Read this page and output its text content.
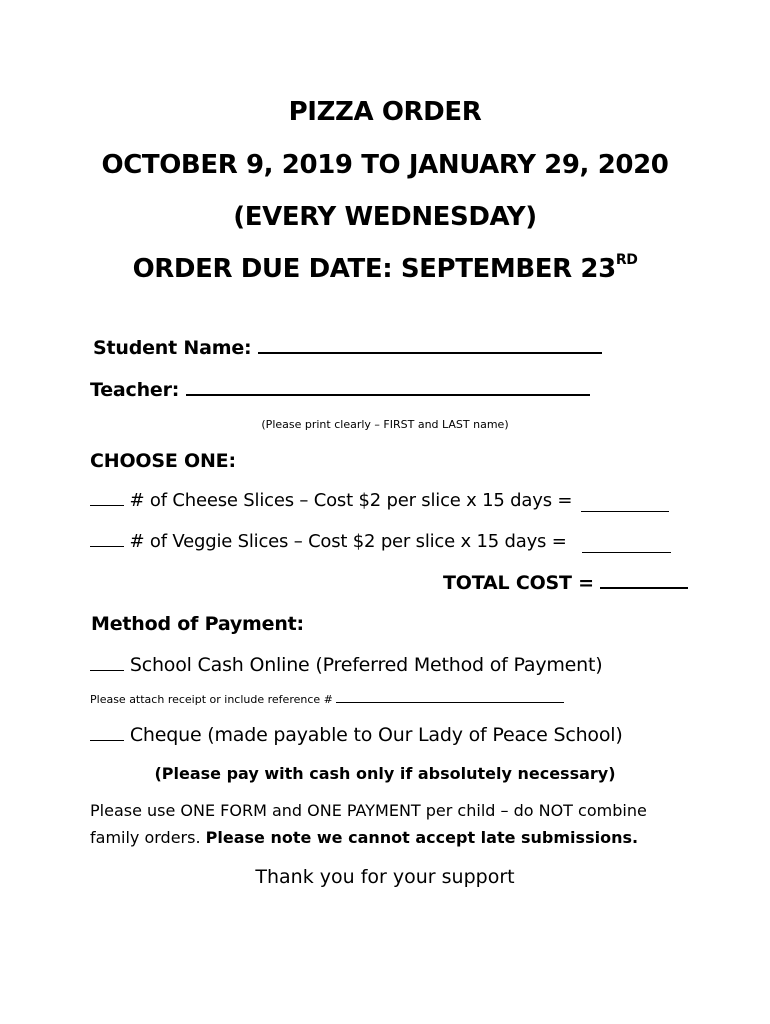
PIZZA ORDER
OCTOBER 9, 2019 TO JANUARY 29, 2020
(EVERY WEDNESDAY)
ORDER DUE DATE: SEPTEMBER 23RD
Student Name:
Teacher:
(Please print clearly – FIRST and LAST name)
CHOOSE ONE:
# of Cheese Slices – Cost $2 per slice x 15 days =
# of Veggie Slices – Cost $2 per slice x 15 days =
TOTAL COST =
Method of Payment:
School Cash Online (Preferred Method of Payment)
Please attach receipt or include reference #
Cheque (made payable to Our Lady of Peace School)
(Please pay with cash only if absolutely necessary)
Please use ONE FORM and ONE PAYMENT per child – do NOT combine
family orders. Please note we cannot accept late submissions.
Thank you for your support
